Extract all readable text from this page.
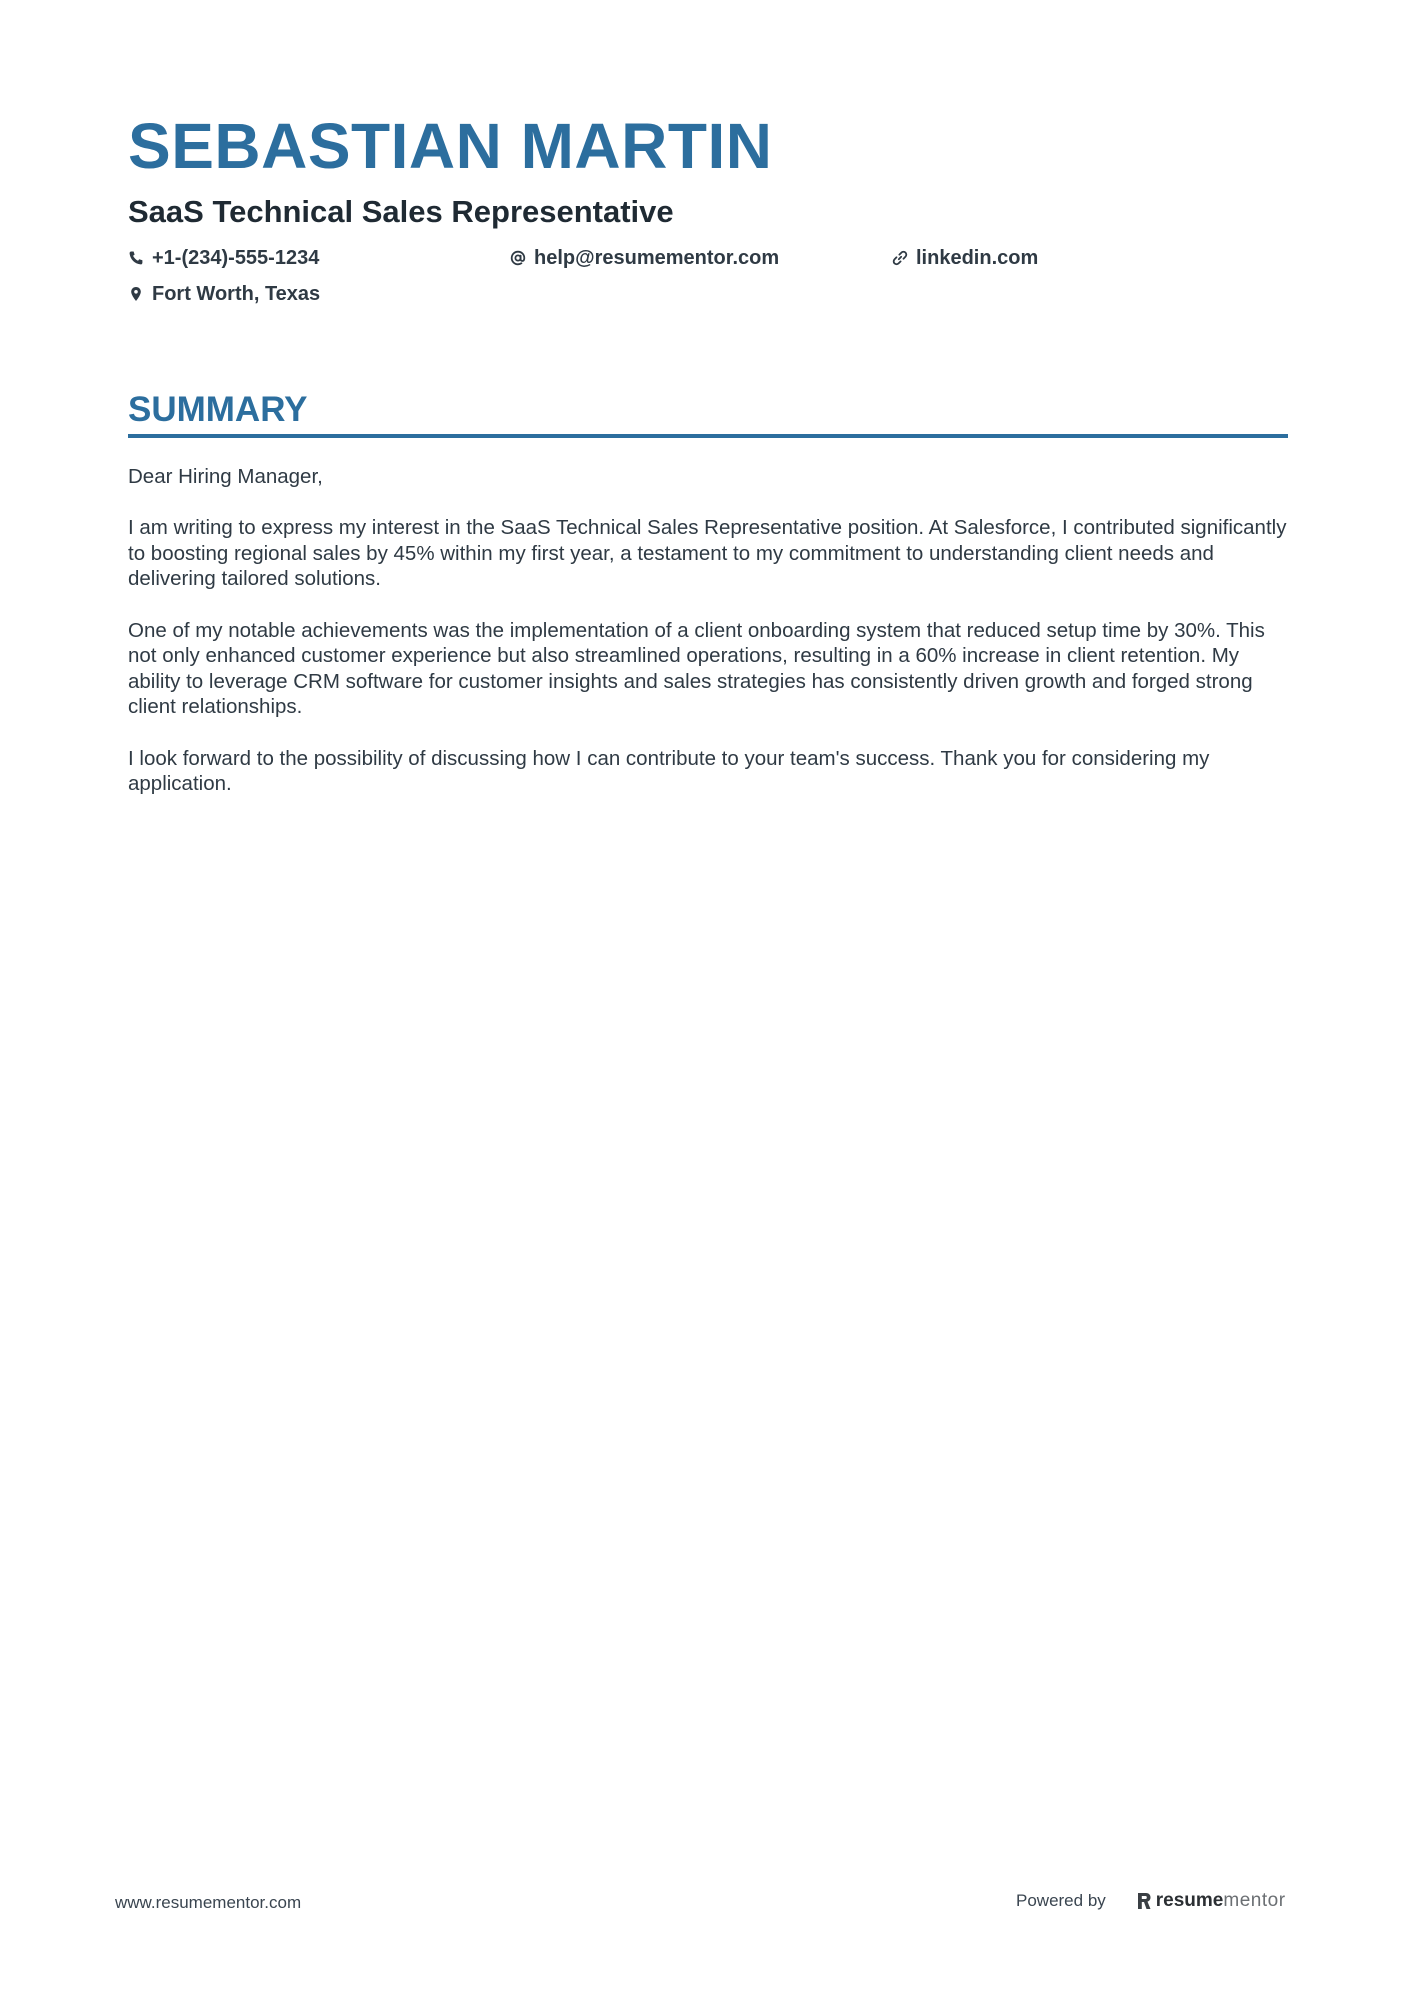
SEBASTIAN MARTIN
SaaS Technical Sales Representative
+1-(234)-555-1234	help@resumementor.com	linkedin.com
Fort Worth, Texas
SUMMARY

Dear Hiring Manager,

I am writing to express my interest in the SaaS Technical Sales Representative position. At Salesforce, I contributed significantly to boosting regional sales by 45% within my first year, a testament to my commitment to understanding client needs and delivering tailored solutions.

One of my notable achievements was the implementation of a client onboarding system that reduced setup time by 30%. This not only enhanced customer experience but also streamlined operations, resulting in a 60% increase in client retention. My ability to leverage CRM software for customer insights and sales strategies has consistently driven growth and forged strong client relationships.

I look forward to the possibility of discussing how I can contribute to your team's success. Thank you for considering my application.

www.resumementor.com	Powered by	resume mentor
